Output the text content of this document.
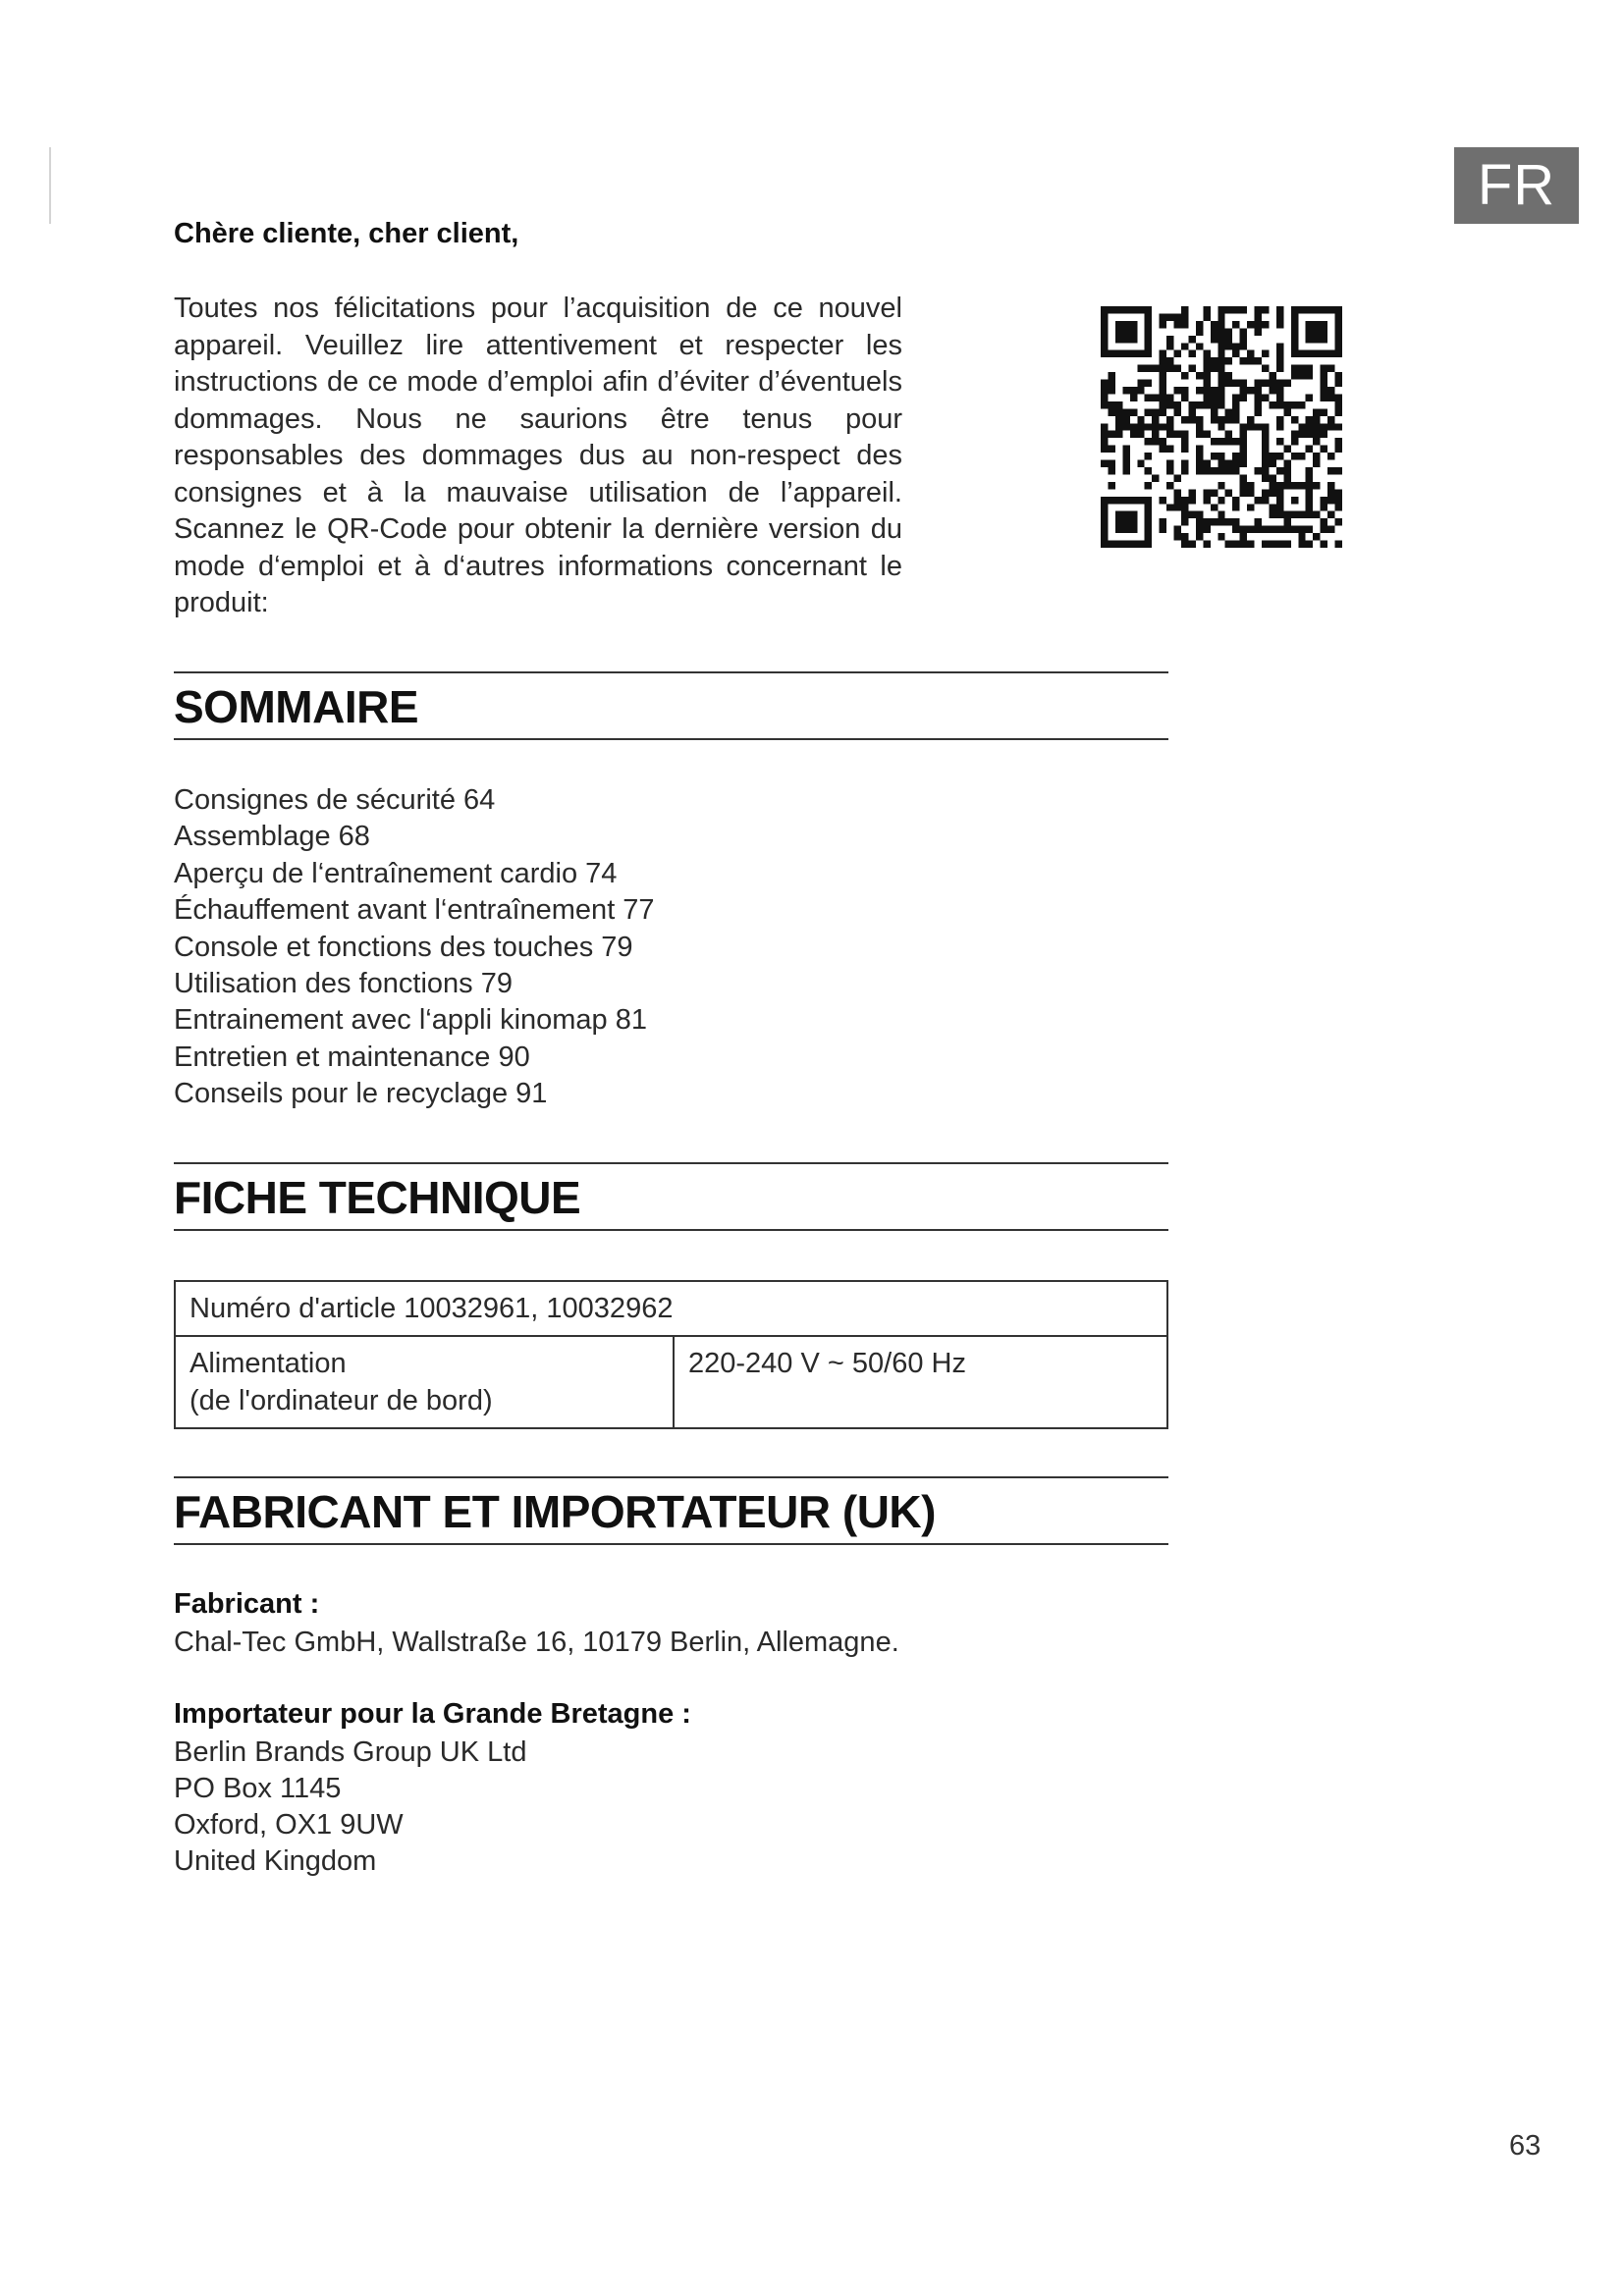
FR
Chère cliente, cher client,
Toutes nos félicitations pour l’acquisition de ce nouvel appareil. Veuillez lire attentivement et respecter les instructions de ce mode d’emploi afin d’éviter d’éventuels dommages. Nous ne saurions être tenus pour responsables des dommages dus au non-respect des consignes et à la mauvaise utilisation de l’appareil. Scannez le QR-Code pour obtenir la dernière version du mode d‘emploi et à d‘autres informations concernant le produit:
SOMMAIRE
Consignes de sécurité 64
Assemblage 68
Aperçu de l‘entraînement cardio 74
Échauffement avant l‘entraînement 77
Console et fonctions des touches 79
Utilisation des fonctions 79
Entrainement avec l‘appli kinomap 81
Entretien et maintenance 90
Conseils pour le recyclage 91
FICHE TECHNIQUE
Numéro d'article 10032961, 10032962

Alimentation
(de l'ordinateur de bord)
	220-240 V ~ 50/60 Hz
FABRICANT ET IMPORTATEUR (UK)
Fabricant :
Chal-Tec GmbH, Wallstraße 16, 10179 Berlin, Allemagne.
Importateur pour la Grande Bretagne :
Berlin Brands Group UK Ltd
PO Box 1145
Oxford, OX1 9UW
United Kingdom
63
